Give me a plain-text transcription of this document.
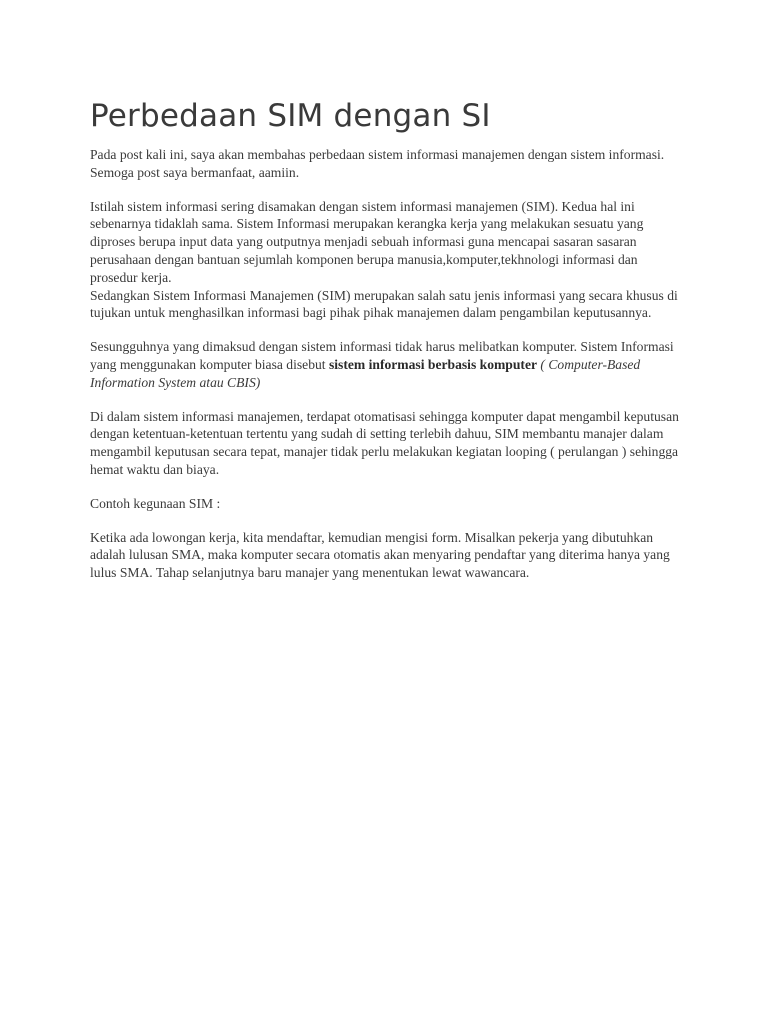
Perbedaan SIM dengan SI

Pada post kali ini, saya akan membahas perbedaan sistem informasi manajemen dengan sistem informasi. Semoga post saya bermanfaat, aamiin.

Istilah sistem informasi sering disamakan dengan sistem informasi manajemen (SIM). Kedua hal ini sebenarnya tidaklah sama. Sistem Informasi merupakan kerangka kerja yang melakukan sesuatu yang diproses berupa input data yang outputnya menjadi sebuah informasi guna mencapai sasaran sasaran perusahaan dengan bantuan sejumlah komponen berupa manusia,komputer,tekhnologi informasi dan prosedur kerja.

Sedangkan Sistem Informasi Manajemen (SIM) merupakan salah satu jenis informasi yang secara khusus di tujukan untuk menghasilkan informasi bagi pihak pihak manajemen dalam pengambilan keputusannya.

Sesungguhnya yang dimaksud dengan sistem informasi tidak harus melibatkan komputer. Sistem Informasi yang menggunakan komputer biasa disebut sistem informasi berbasis komputer ( Computer-Based Information System atau CBIS)

Di dalam sistem informasi manajemen, terdapat otomatisasi sehingga komputer dapat mengambil keputusan dengan ketentuan-ketentuan tertentu yang sudah di setting terlebih dahuu, SIM membantu manajer dalam mengambil keputusan secara tepat, manajer tidak perlu melakukan kegiatan looping ( perulangan ) sehingga hemat waktu dan biaya.

Contoh kegunaan SIM :

Ketika ada lowongan kerja, kita mendaftar, kemudian mengisi form. Misalkan pekerja yang dibutuhkan adalah lulusan SMA, maka komputer secara otomatis akan menyaring pendaftar yang diterima hanya yang lulus SMA. Tahap selanjutnya baru manajer yang menentukan lewat wawancara.
